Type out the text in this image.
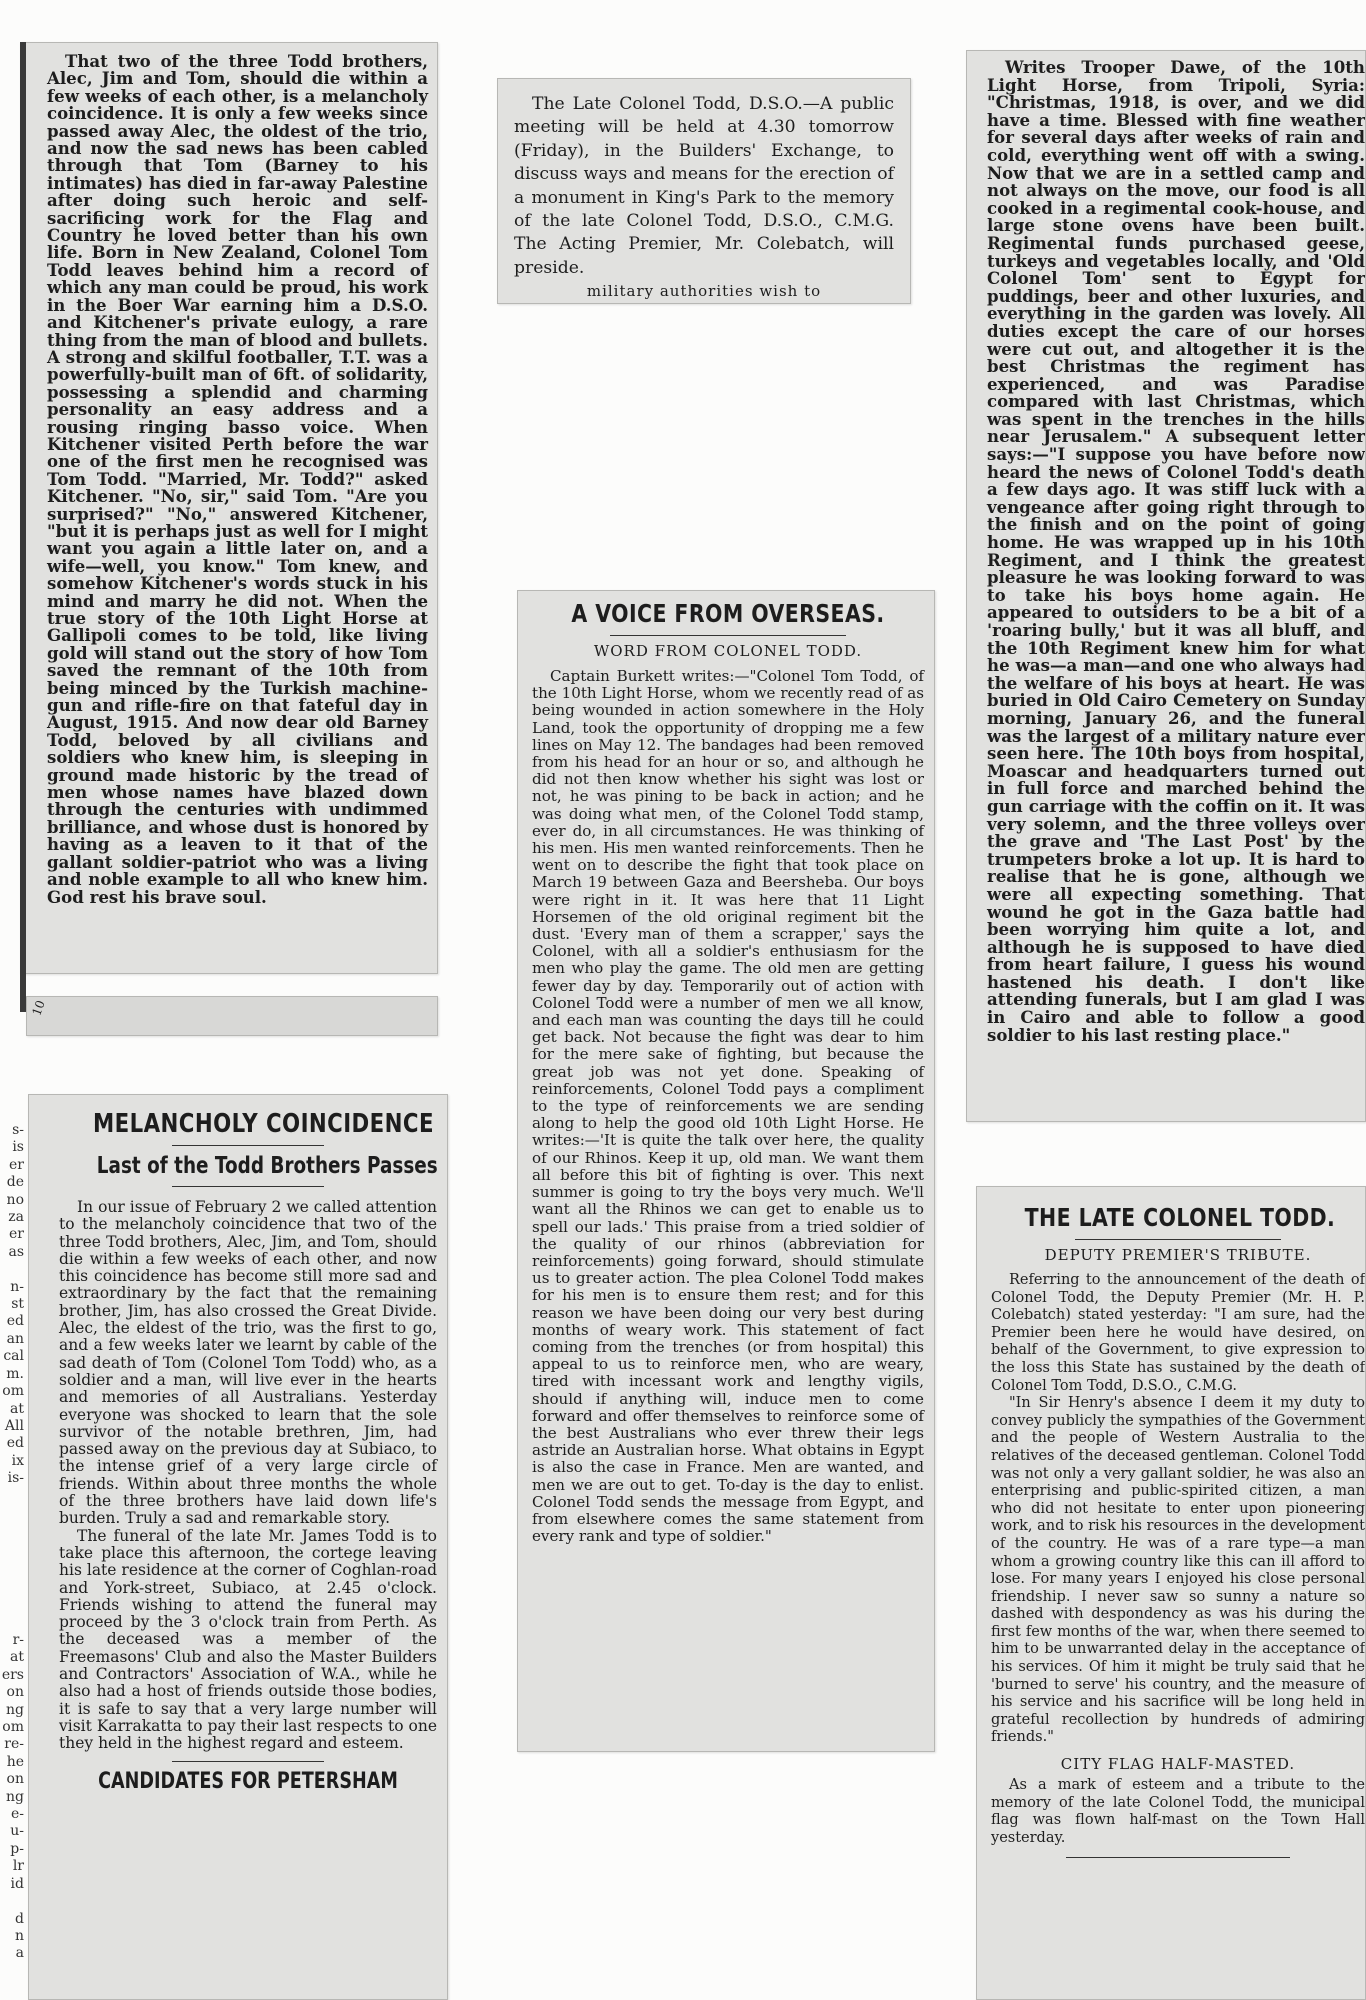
That two of the three Todd brothers, Alec, Jim and Tom, should die within a few weeks of each other, is a melancholy coincidence. It is only a few weeks since passed away Alec, the oldest of the trio, and now the sad news has been cabled through that Tom (Barney to his intimates) has died in far-away Palestine after doing such heroic and self-sacrificing work for the Flag and Country he loved better than his own life. Born in New Zealand, Colonel Tom Todd leaves behind him a record of which any man could be proud, his work in the Boer War earning him a D.S.O. and Kitchener's private eulogy, a rare thing from the man of blood and bullets. A strong and skilful footballer, T.T. was a powerfully-built man of 6ft. of solidarity, possessing a splendid and charming personality an easy address and a rousing ringing basso voice. When Kitchener visited Perth before the war one of the first men he recognised was Tom Todd. "Married, Mr. Todd?" asked Kitchener. "No, sir," said Tom. "Are you surprised?" "No," answered Kitchener, "but it is perhaps just as well for I might want you again a little later on, and a wife—well, you know." Tom knew, and somehow Kitchener's words stuck in his mind and marry he did not. When the true story of the 10th Light Horse at Gallipoli comes to be told, like living gold will stand out the story of how Tom saved the remnant of the 10th from being minced by the Turkish machine-gun and rifle-fire on that fateful day in August, 1915. And now dear old Barney Todd, beloved by all civilians and soldiers who knew him, is sleeping in ground made historic by the tread of men whose names have blazed down through the centuries with undimmed brilliance, and whose dust is honored by having as a leaven to it that of the gallant soldier-patriot who was a living and noble example to all who knew him. God rest his brave soul.

10

The Late Colonel Todd, D.S.O.—A public meeting will be held at 4.30 tomorrow (Friday), in the Builders' Exchange, to discuss ways and means for the erection of a monument in King's Park to the memory of the late Colonel Todd, D.S.O., C.M.G. The Acting Premier, Mr. Colebatch, will preside.

military authorities wish to

Writes Trooper Dawe, of the 10th Light Horse, from Tripoli, Syria: "Christmas, 1918, is over, and we did have a time. Blessed with fine weather for several days after weeks of rain and cold, everything went off with a swing. Now that we are in a settled camp and not always on the move, our food is all cooked in a regimental cook-house, and large stone ovens have been built. Regimental funds purchased geese, turkeys and vegetables locally, and 'Old Colonel Tom' sent to Egypt for puddings, beer and other luxuries, and everything in the garden was lovely. All duties except the care of our horses were cut out, and altogether it is the best Christmas the regiment has experienced, and was Paradise compared with last Christmas, which was spent in the trenches in the hills near Jerusalem." A subsequent letter says:—"I suppose you have before now heard the news of Colonel Todd's death a few days ago. It was stiff luck with a vengeance after going right through to the finish and on the point of going home. He was wrapped up in his 10th Regiment, and I think the greatest pleasure he was looking forward to was to take his boys home again. He appeared to outsiders to be a bit of a 'roaring bully,' but it was all bluff, and the 10th Regiment knew him for what he was—a man—and one who always had the welfare of his boys at heart. He was buried in Old Cairo Cemetery on Sunday morning, January 26, and the funeral was the largest of a military nature ever seen here. The 10th boys from hospital, Moascar and headquarters turned out in full force and marched behind the gun carriage with the coffin on it. It was very solemn, and the three volleys over the grave and 'The Last Post' by the trumpeters broke a lot up. It is hard to realise that he is gone, although we were all expecting something. That wound he got in the Gaza battle had been worrying him quite a lot, and although he is supposed to have died from heart failure, I guess his wound hastened his death. I don't like attending funerals, but I am glad I was in Cairo and able to follow a good soldier to his last resting place."

A VOICE FROM OVERSEAS.
WORD FROM COLONEL TODD.

Captain Burkett writes:—"Colonel Tom Todd, of the 10th Light Horse, whom we recently read of as being wounded in action somewhere in the Holy Land, took the opportunity of dropping me a few lines on May 12. The bandages had been removed from his head for an hour or so, and although he did not then know whether his sight was lost or not, he was pining to be back in action; and he was doing what men, of the Colonel Todd stamp, ever do, in all circumstances. He was thinking of his men. His men wanted reinforcements. Then he went on to describe the fight that took place on March 19 between Gaza and Beersheba. Our boys were right in it. It was here that 11 Light Horsemen of the old original regiment bit the dust. 'Every man of them a scrapper,' says the Colonel, with all a soldier's enthusiasm for the men who play the game. The old men are getting fewer day by day. Temporarily out of action with Colonel Todd were a number of men we all know, and each man was counting the days till he could get back. Not because the fight was dear to him for the mere sake of fighting, but because the great job was not yet done. Speaking of reinforcements, Colonel Todd pays a compliment to the type of reinforcements we are sending along to help the good old 10th Light Horse. He writes:—'It is quite the talk over here, the quality of our Rhinos. Keep it up, old man. We want them all before this bit of fighting is over. This next summer is going to try the boys very much. We'll want all the Rhinos we can get to enable us to spell our lads.' This praise from a tried soldier of the quality of our rhinos (abbreviation for reinforcements) going forward, should stimulate us to greater action. The plea Colonel Todd makes for his men is to ensure them rest; and for this reason we have been doing our very best during months of weary work. This statement of fact coming from the trenches (or from hospital) this appeal to us to reinforce men, who are weary, tired with incessant work and lengthy vigils, should if anything will, induce men to come forward and offer themselves to reinforce some of the best Australians who ever threw their legs astride an Australian horse. What obtains in Egypt is also the case in France. Men are wanted, and men we are out to get. To-day is the day to enlist. Colonel Todd sends the message from Egypt, and from elsewhere comes the same statement from every rank and type of soldier."

MELANCHOLY COINCIDENCE
Last of the Todd Brothers Passes

In our issue of February 2 we called attention to the melancholy coincidence that two of the three Todd brothers, Alec, Jim, and Tom, should die within a few weeks of each other, and now this coincidence has become still more sad and extraordinary by the fact that the remaining brother, Jim, has also crossed the Great Divide. Alec, the eldest of the trio, was the first to go, and a few weeks later we learnt by cable of the sad death of Tom (Colonel Tom Todd) who, as a soldier and a man, will live ever in the hearts and memories of all Australians. Yesterday everyone was shocked to learn that the sole survivor of the notable brethren, Jim, had passed away on the previous day at Subiaco, to the intense grief of a very large circle of friends. Within about three months the whole of the three brothers have laid down life's burden. Truly a sad and remarkable story.

The funeral of the late Mr. James Todd is to take place this afternoon, the cortege leaving his late residence at the corner of Coghlan-road and York-street, Subiaco, at 2.45 o'clock. Friends wishing to attend the funeral may proceed by the 3 o'clock train from Perth. As the deceased was a member of the Freemasons' Club and also the Master Builders and Contractors' Association of W.A., while he also had a host of friends outside those bodies, it is safe to say that a very large number will visit Karrakatta to pay their last respects to one they held in the highest regard and esteem.

CANDIDATES FOR PETERSHAM
THE LATE COLONEL TODD.
DEPUTY PREMIER'S TRIBUTE.

Referring to the announcement of the death of Colonel Todd, the Deputy Premier (Mr. H. P. Colebatch) stated yesterday: "I am sure, had the Premier been here he would have desired, on behalf of the Government, to give expression to the loss this State has sustained by the death of Colonel Tom Todd, D.S.O., C.M.G.

"In Sir Henry's absence I deem it my duty to convey publicly the sympathies of the Government and the people of Western Australia to the relatives of the deceased gentleman. Colonel Todd was not only a very gallant soldier, he was also an enterprising and public-spirited citizen, a man who did not hesitate to enter upon pioneering work, and to risk his resources in the development of the country. He was of a rare type—a man whom a growing country like this can ill afford to lose. For many years I enjoyed his close personal friendship. I never saw so sunny a nature so dashed with despondency as was his during the first few months of the war, when there seemed to him to be unwarranted delay in the acceptance of his services. Of him it might be truly said that he 'burned to serve' his country, and the measure of his service and his sacrifice will be long held in grateful recollection by hundreds of admiring friends."

CITY FLAG HALF-MASTED.

As a mark of esteem and a tribute to the memory of the late Colonel Todd, the municipal flag was flown half-mast on the Town Hall yesterday.

s-
is
er
de
no
za
er
as

n-
st
ed
an
cal
m.
om
at
All
ed
ix
is-
r-
at
ers
on
ng
om
re-
he
on
ng
e-
u-
p-
lr
id

d
n
a
